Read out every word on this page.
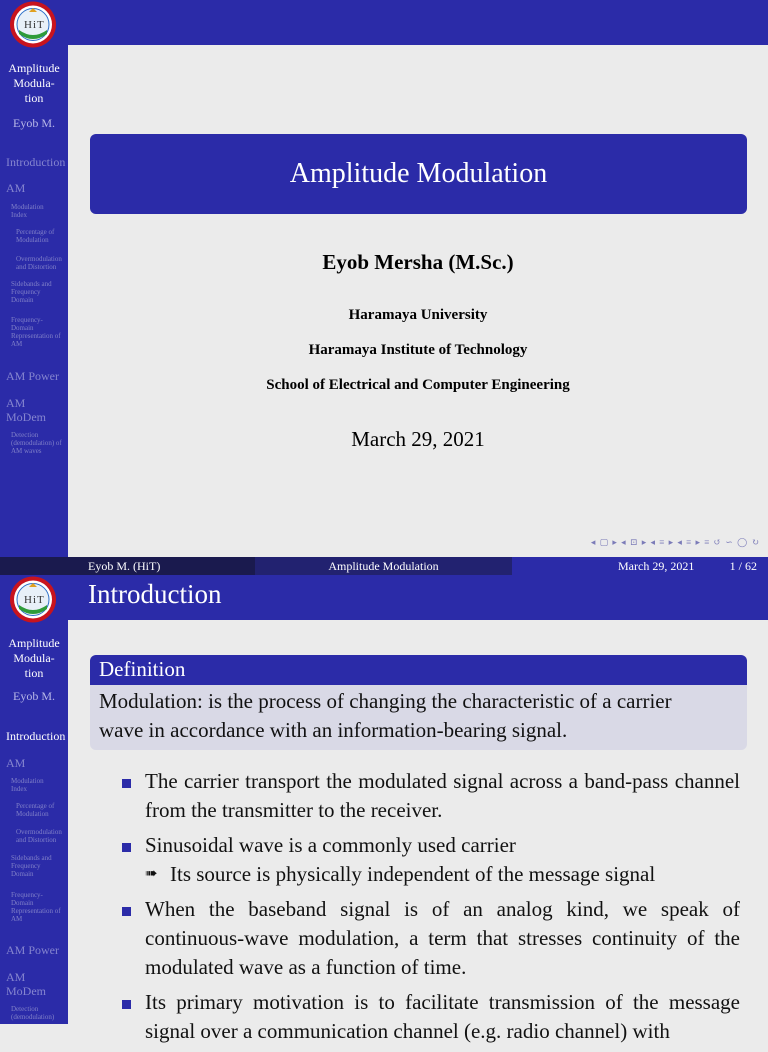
H i T
Amplitude
Modula-
tion
Eyob M.
Introduction
AM
Modulation Index
Percentage of Modulation
Overmodulation and Distortion
Sidebands and Frequency Domain
Frequency-Domain Representation of AM
AM Power
AM MoDem
Detection (demodulation) of AM waves
Amplitude Modulation
Eyob Mersha (M.Sc.)
Haramaya University
Haramaya Institute of Technology
School of Electrical and Computer Engineering
March 29, 2021
◂ ▢ ▸ ◂ ⊡ ▸ ◂ ≡ ▸ ◂ ≡ ▸ ≡ ↺ ∽ ◯ ↻
Eyob M. (HiT)	Amplitude Modulation	March 29, 2021	1 / 62
H i T
Amplitude
Modula-
tion
Eyob M.
Introduction
AM
Modulation Index
Percentage of Modulation
Overmodulation and Distortion
Sidebands and Frequency Domain
Frequency-Domain Representation of AM
AM Power
AM MoDem
Detection (demodulation)
Introduction
Definition
Modulation: is the process of changing the characteristic of a carrier
wave in accordance with an information-bearing signal.
The carrier transport the modulated signal across a band-pass channel from the transmitter to the receiver.
Sinusoidal wave is a commonly used carrier
➠ Its source is physically independent of the message signal
When the baseband signal is of an analog kind, we speak of continuous-wave modulation, a term that stresses continuity of the modulated wave as a function of time.
Its primary motivation is to facilitate transmission of the message signal over a communication channel (e.g. radio channel) with
